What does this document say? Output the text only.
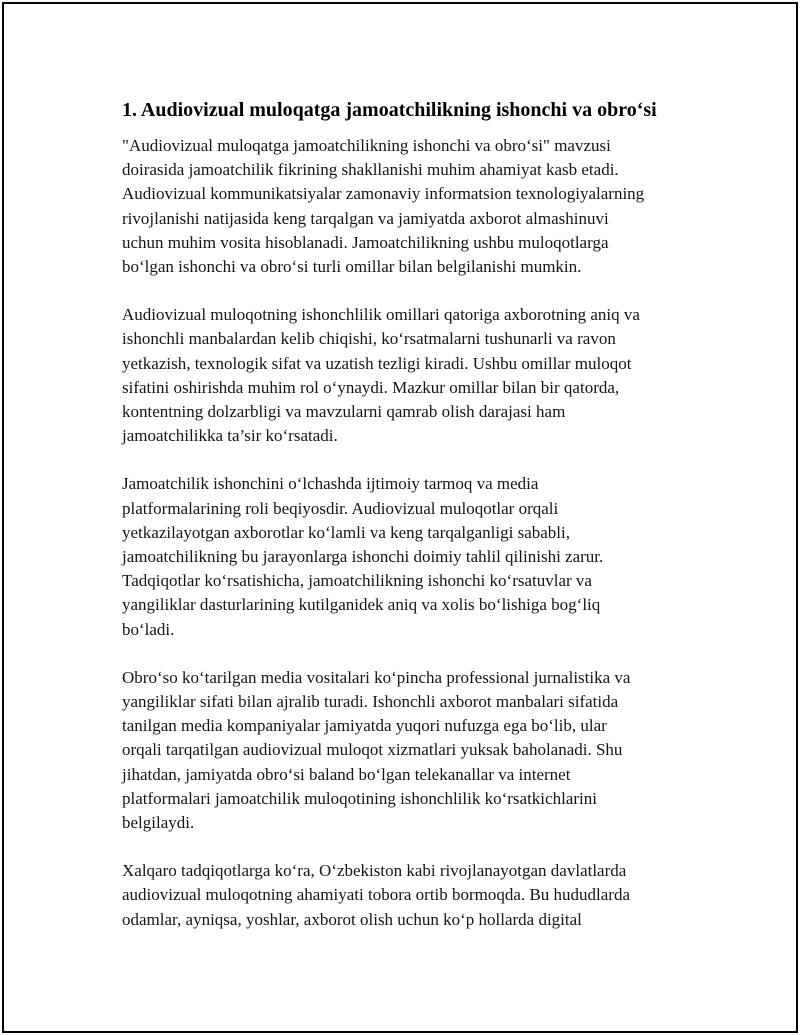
1. Audiovizual muloqatga jamoatchilikning ishonchi va obro‘si

"Audiovizual muloqatga jamoatchilikning ishonchi va obro‘si" mavzusi
doirasida jamoatchilik fikrining shakllanishi muhim ahamiyat kasb etadi.
Audiovizual kommunikatsiyalar zamonaviy informatsion texnologiyalarning
rivojlanishi natijasida keng tarqalgan va jamiyatda axborot almashinuvi
uchun muhim vosita hisoblanadi. Jamoatchilikning ushbu muloqotlarga
bo‘lgan ishonchi va obro‘si turli omillar bilan belgilanishi mumkin.

Audiovizual muloqotning ishonchlilik omillari qatoriga axborotning aniq va
ishonchli manbalardan kelib chiqishi, ko‘rsatmalarni tushunarli va ravon
yetkazish, texnologik sifat va uzatish tezligi kiradi. Ushbu omillar muloqot
sifatini oshirishda muhim rol o‘ynaydi. Mazkur omillar bilan bir qatorda,
kontentning dolzarbligi va mavzularni qamrab olish darajasi ham
jamoatchilikka ta’sir ko‘rsatadi.

Jamoatchilik ishonchini o‘lchashda ijtimoiy tarmoq va media
platformalarining roli beqiyosdir. Audiovizual muloqotlar orqali
yetkazilayotgan axborotlar ko‘lamli va keng tarqalganligi sababli,
jamoatchilikning bu jarayonlarga ishonchi doimiy tahlil qilinishi zarur.
Tadqiqotlar ko‘rsatishicha, jamoatchilikning ishonchi ko‘rsatuvlar va
yangiliklar dasturlarining kutilganidek aniq va xolis bo‘lishiga bog‘liq
bo‘ladi.

Obro‘so ko‘tarilgan media vositalari ko‘pincha professional jurnalistika va
yangiliklar sifati bilan ajralib turadi. Ishonchli axborot manbalari sifatida
tanilgan media kompaniyalar jamiyatda yuqori nufuzga ega bo‘lib, ular
orqali tarqatilgan audiovizual muloqot xizmatlari yuksak baholanadi. Shu
jihatdan, jamiyatda obro‘si baland bo‘lgan telekanallar va internet
platformalari jamoatchilik muloqotining ishonchlilik ko‘rsatkichlarini
belgilaydi.

Xalqaro tadqiqotlarga ko‘ra, O‘zbekiston kabi rivojlanayotgan davlatlarda
audiovizual muloqotning ahamiyati tobora ortib bormoqda. Bu hududlarda
odamlar, ayniqsa, yoshlar, axborot olish uchun ko‘p hollarda digital
